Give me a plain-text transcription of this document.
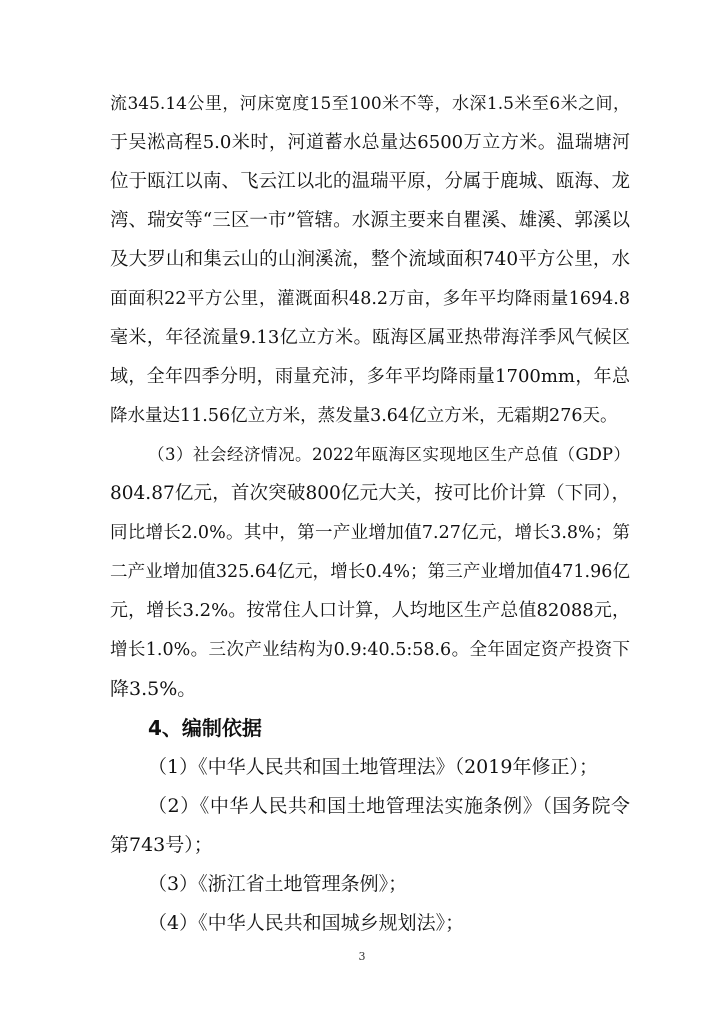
流345.14公里，河床宽度15至100米不等，水深1.5米至6米之间，
于吴淞高程5.0米时，河道蓄水总量达6500万立方米。温瑞塘河
位于瓯江以南、飞云江以北的温瑞平原，分属于鹿城、瓯海、龙
湾、瑞安等“三区一市”管辖。水源主要来自瞿溪、雄溪、郭溪以
及大罗山和集云山的山涧溪流，整个流域面积740平方公里，水
面面积22平方公里，灌溉面积48.2万亩，多年平均降雨量1694.8
毫米，年径流量9.13亿立方米。瓯海区属亚热带海洋季风气候区
域，全年四季分明，雨量充沛，多年平均降雨量1700mm，年总
降水量达11.56亿立方米，蒸发量3.64亿立方米，无霜期276天。
（3）社会经济情况。2022年瓯海区实现地区生产总值（GDP）
804.87亿元，首次突破800亿元大关，按可比价计算（下同），
同比增长2.0%。其中，第一产业增加值7.27亿元，增长3.8%；第
二产业增加值325.64亿元，增长0.4%；第三产业增加值471.96亿
元，增长3.2%。按常住人口计算，人均地区生产总值82088元，
增长1.0%。三次产业结构为0.9:40.5:58.6。全年固定资产投资下
降3.5%。
4、编制依据
（1）《中华人民共和国土地管理法》（2019年修正）；
（2）《中华人民共和国土地管理法实施条例》（国务院令
第743号）；
（3）《浙江省土地管理条例》；
（4）《中华人民共和国城乡规划法》；
3
